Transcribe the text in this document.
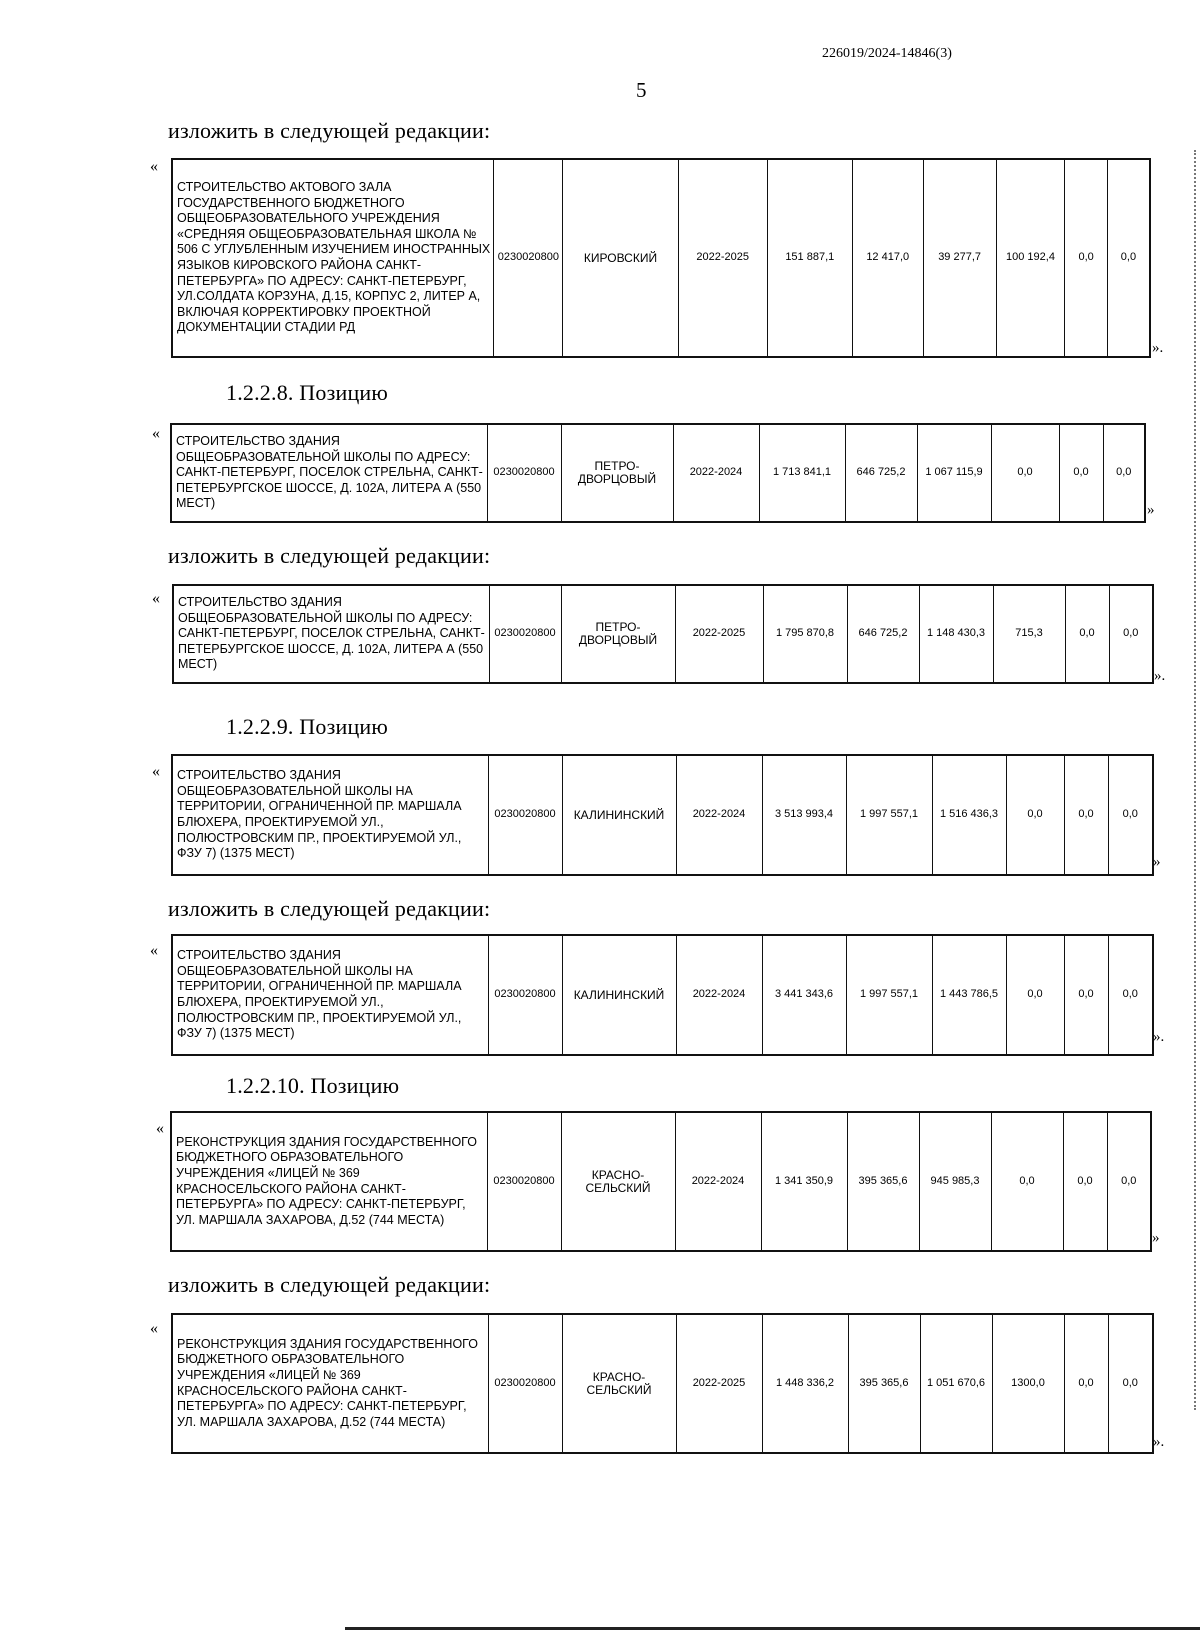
226019/2024-14846(3)
5
изложить в следующей редакции:
«
СТРОИТЕЛЬСТВО АКТОВОГО ЗАЛА ГОСУДАРСТВЕННОГО БЮДЖЕТНОГО ОБЩЕОБРАЗОВАТЕЛЬНОГО УЧРЕЖДЕНИЯ «СРЕДНЯЯ ОБЩЕОБРАЗОВАТЕЛЬНАЯ ШКОЛА № 506 С УГЛУБЛЕННЫМ ИЗУЧЕНИЕМ ИНОСТРАННЫХ ЯЗЫКОВ КИРОВСКОГО РАЙОНА САНКТ-ПЕТЕРБУРГА» ПО АДРЕСУ: САНКТ-ПЕТЕРБУРГ, УЛ.СОЛДАТА КОРЗУНА, Д.15, КОРПУС 2, ЛИТЕР А, ВКЛЮЧАЯ КОРРЕКТИРОВКУ ПРОЕКТНОЙ ДОКУМЕНТАЦИИ СТАДИИ РД	0230020800	КИРОВСКИЙ	2022-2025	151 887,1	12 417,0	39 277,7	100 192,4	0,0	0,0
».
1.2.2.8. Позицию
« СТРОИТЕЛЬСТВО ЗДАНИЯ ОБЩЕОБРАЗОВАТЕЛЬНОЙ ШКОЛЫ ПО АДРЕСУ: САНКТ-ПЕТЕРБУРГ, ПОСЕЛОК СТРЕЛЬНА, САНКТ-ПЕТЕРБУРГСКОЕ ШОССЕ, Д. 102А, ЛИТЕРА А (550 МЕСТ)	0230020800	ПЕТРО-ДВОРЦОВЫЙ	2022-2024	1 713 841,1	646 725,2	1 067 115,9	0,0	0,0	0,0
»
изложить в следующей редакции:
« СТРОИТЕЛЬСТВО ЗДАНИЯ ОБЩЕОБРАЗОВАТЕЛЬНОЙ ШКОЛЫ ПО АДРЕСУ: САНКТ-ПЕТЕРБУРГ, ПОСЕЛОК СТРЕЛЬНА, САНКТ-ПЕТЕРБУРГСКОЕ ШОССЕ, Д. 102А, ЛИТЕРА А (550 МЕСТ)	0230020800	ПЕТРО-ДВОРЦОВЫЙ	2022-2025	1 795 870,8	646 725,2	1 148 430,3	715,3	0,0	0,0
».
1.2.2.9. Позицию
« СТРОИТЕЛЬСТВО ЗДАНИЯ ОБЩЕОБРАЗОВАТЕЛЬНОЙ ШКОЛЫ НА ТЕРРИТОРИИ, ОГРАНИЧЕННОЙ ПР. МАРШАЛА БЛЮХЕРА, ПРОЕКТИРУЕМОЙ УЛ., ПОЛЮСТРОВСКИМ ПР., ПРОЕКТИРУЕМОЙ УЛ., ФЗУ 7) (1375 МЕСТ)	0230020800	КАЛИНИНСКИЙ	2022-2024	3 513 993,4	1 997 557,1	1 516 436,3	0,0	0,0	0,0
»
изложить в следующей редакции:
« СТРОИТЕЛЬСТВО ЗДАНИЯ ОБЩЕОБРАЗОВАТЕЛЬНОЙ ШКОЛЫ НА ТЕРРИТОРИИ, ОГРАНИЧЕННОЙ ПР. МАРШАЛА БЛЮХЕРА, ПРОЕКТИРУЕМОЙ УЛ., ПОЛЮСТРОВСКИМ ПР., ПРОЕКТИРУЕМОЙ УЛ., ФЗУ 7) (1375 МЕСТ)	0230020800	КАЛИНИНСКИЙ	2022-2024	3 441 343,6	1 997 557,1	1 443 786,5	0,0	0,0	0,0
».
1.2.2.10. Позицию
«
РЕКОНСТРУКЦИЯ ЗДАНИЯ ГОСУДАРСТВЕННОГО БЮДЖЕТНОГО ОБРАЗОВАТЕЛЬНОГО УЧРЕЖДЕНИЯ «ЛИЦЕЙ № 369 КРАСНОСЕЛЬСКОГО РАЙОНА САНКТ-ПЕТЕРБУРГА» ПО АДРЕСУ: САНКТ-ПЕТЕРБУРГ, УЛ. МАРШАЛА ЗАХАРОВА, Д.52 (744 МЕСТА)	0230020800	КРАСНО-СЕЛЬСКИЙ	2022-2024	1 341 350,9	395 365,6	945 985,3	0,0	0,0	0,0
»
изложить в следующей редакции:
«
РЕКОНСТРУКЦИЯ ЗДАНИЯ ГОСУДАРСТВЕННОГО БЮДЖЕТНОГО ОБРАЗОВАТЕЛЬНОГО УЧРЕЖДЕНИЯ «ЛИЦЕЙ № 369 КРАСНОСЕЛЬСКОГО РАЙОНА САНКТ-ПЕТЕРБУРГА» ПО АДРЕСУ: САНКТ-ПЕТЕРБУРГ, УЛ. МАРШАЛА ЗАХАРОВА, Д.52 (744 МЕСТА)	0230020800	КРАСНО-СЕЛЬСКИЙ	2022-2025	1 448 336,2	395 365,6	1 051 670,6	1300,0	0,0	0,0
».
